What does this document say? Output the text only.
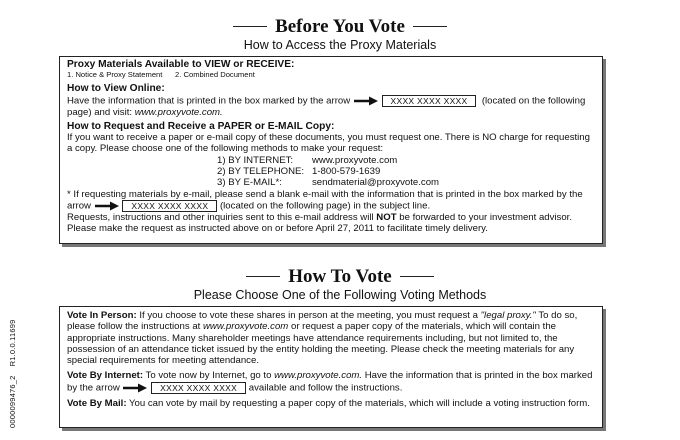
Before You Vote
How to Access the Proxy Materials

Proxy Materials Available to VIEW or RECEIVE:

1. Notice & Proxy Statement      2. Combined Document

How to View Online:

Have the information that is printed in the box marked by the arrow	XXXX XXXX XXXX (located on the following page) and visit: www.proxyvote.com.

How to Request and Receive a PAPER or E-MAIL Copy:

If you want to receive a paper or e-mail copy of these documents, you must request one. There is NO charge for requesting a copy. Please choose one of the following methods to make your request:

1) BY INTERNET:	www.proxyvote.com
2) BY TELEPHONE: 1-800-579-1639
3) BY E-MAIL*:	sendmaterial@proxyvote.com

* If requesting materials by e-mail, please send a blank e-mail with the information that is printed in the box marked by the arrow	XXXX XXXX XXXX (located on the following page) in the subject line.

Requests, instructions and other inquiries sent to this e-mail address will NOT be forwarded to your investment advisor. Please make the request as instructed above on or before April 27, 2011 to facilitate timely delivery.

How To Vote
Please Choose One of the Following Voting Methods

Vote In Person: If you choose to vote these shares in person at the meeting, you must request a "legal proxy." To do so, please follow the instructions at www.proxyvote.com or request a paper copy of the materials, which will contain the appropriate instructions. Many shareholder meetings have attendance requirements including, but not limited to, the possession of an attendance ticket issued by the entity holding the meeting. Please check the meeting materials for any special requirements for meeting attendance.

Vote By Internet: To vote now by Internet, go to www.proxyvote.com. Have the information that is printed in the box marked by the arrow	XXXX XXXX XXXX available and follow the instructions.

Vote By Mail: You can vote by mail by requesting a paper copy of the materials, which will include a voting instruction form.

0000099476_2    R1.0.0.11699
